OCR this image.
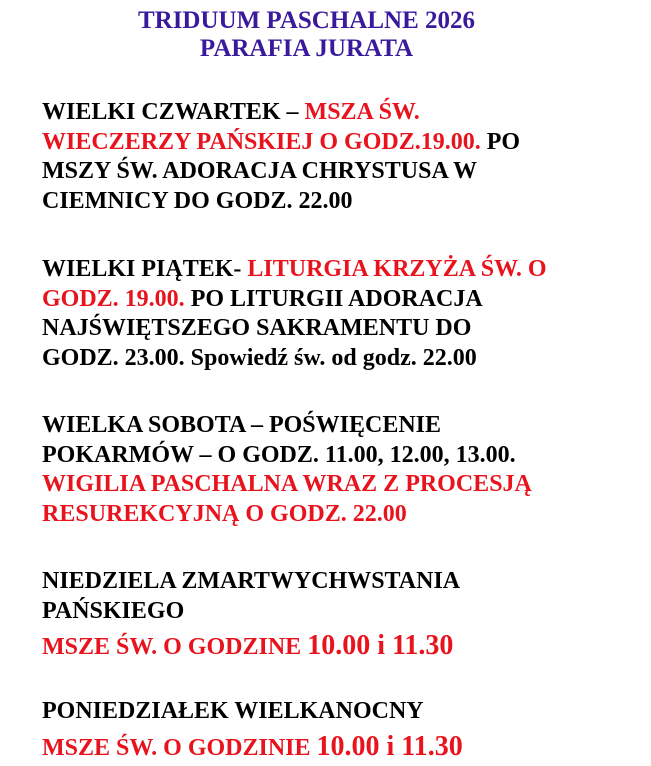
TRIDUUM PASCHALNE 2026
PARAFIA JURATA
WIELKI CZWARTEK – MSZA ŚW.
WIECZERZY PAŃSKIEJ O GODZ.19.00. PO
MSZY ŚW. ADORACJA CHRYSTUSA W
CIEMNICY DO GODZ. 22.00
WIELKI PIĄTEK- LITURGIA KRZYŻA ŚW. O
GODZ. 19.00. PO LITURGII ADORACJA
NAJŚWIĘTSZEGO SAKRAMENTU DO
GODZ. 23.00. Spowiedź św. od godz. 22.00
WIELKA SOBOTA – POŚWIĘCENIE
POKARMÓW – O GODZ. 11.00, 12.00, 13.00.
WIGILIA PASCHALNA WRAZ Z PROCESJĄ
RESUREKCYJNĄ O GODZ. 22.00
NIEDZIELA ZMARTWYCHWSTANIA
PAŃSKIEGO
MSZE ŚW. O GODZINE 10.00 i 11.30
PONIEDZIAŁEK WIELKANOCNY
MSZE ŚW. O GODZINIE 10.00 i 11.30
